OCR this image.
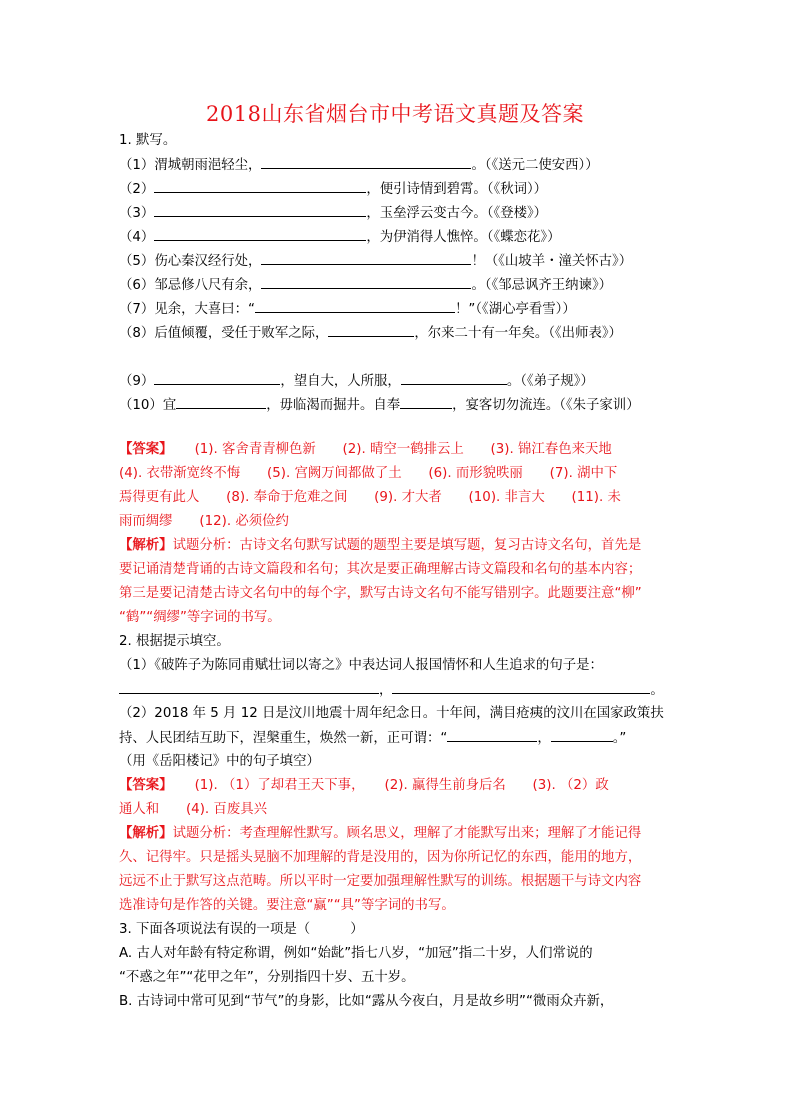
2018山东省烟台市中考语文真题及答案
1. 默写。
（1）渭城朝雨浥轻尘，	。（《送元二使安西））
（2）	，便引诗情到碧霄。（《秋词））
（3）	，玉垒浮云变古今。（《登楼》）
（4）	，为伊消得人憔悴。（《蝶恋花》）
（5）伤心秦汉经行处，	！（《山坡羊・潼关怀古》）
（6）邹忌修八尺有余，	。（《邹忌讽齐王纳谏》）
（7）见余，大喜曰：“	！”（《湖心亭看雪））
（8）后值倾覆，受任于败军之际，	，尔来二十有一年矣。（《出师表》）
（9）	，望自大，人所服，	。（《弟子规》）
（10）宜	，毋临渴而掘井。自奉	，宴客切勿流连。（《朱子家训）
【答案】 (1). 客舍青青柳色新　　(2). 晴空一鹤排云上　　(3). 锦江春色来天地
(4). 衣带渐宽终不悔　　(5). 宫阙万间都做了土　　(6). 而形貌昳丽　　(7). 湖中下
焉得更有此人　　(8). 奉命于危难之间　　(9). 才大者　　(10). 非言大　　(11). 未
雨而绸缪　　(12). 必须俭约
【解析】试题分析：古诗文名句默写试题的题型主要是填写题，复习古诗文名句，首先是
要记诵清楚背诵的古诗文篇段和名句；其次是要正确理解古诗文篇段和名句的基本内容；
第三是要记清楚古诗文名句中的每个字，默写古诗文名句不能写错别字。此题要注意“柳”
“鹤”“绸缪”等字词的书写。
2. 根据提示填空。
（1）《破阵子为陈同甫赋壮词以寄之》中表达词人报国情怀和人生追求的句子是：
，	。
（2）2018 年 5 月 12 日是汶川地震十周年纪念日。十年间，满目疮痍的汶川在国家政策扶
持、人民团结互助下，涅槃重生，焕然一新，正可谓：“	，	。”
（用《岳阳楼记》中的句子填空）
【答案】 (1). （1）了却君王天下事，　　(2). 赢得生前身后名　　(3). （2）政
通人和　　(4). 百废具兴
【解析】试题分析：考查理解性默写。顾名思义，理解了才能默写出来；理解了才能记得
久、记得牢。只是摇头晃脑不加理解的背是没用的，因为你所记忆的东西，能用的地方，
远远不止于默写这点范畴。所以平时一定要加强理解性默写的训练。根据题干与诗文内容
选准诗句是作答的关键。要注意“赢”“具”等字词的书写。
3. 下面各项说法有误的一项是（　　　）
A. 古人对年龄有特定称谓，例如“始龀”指七八岁，“加冠”指二十岁，人们常说的
“不惑之年”“花甲之年”，分别指四十岁、五十岁。
B. 古诗词中常可见到“节气”的身影，比如“露从今夜白，月是故乡明”“微雨众卉新，
